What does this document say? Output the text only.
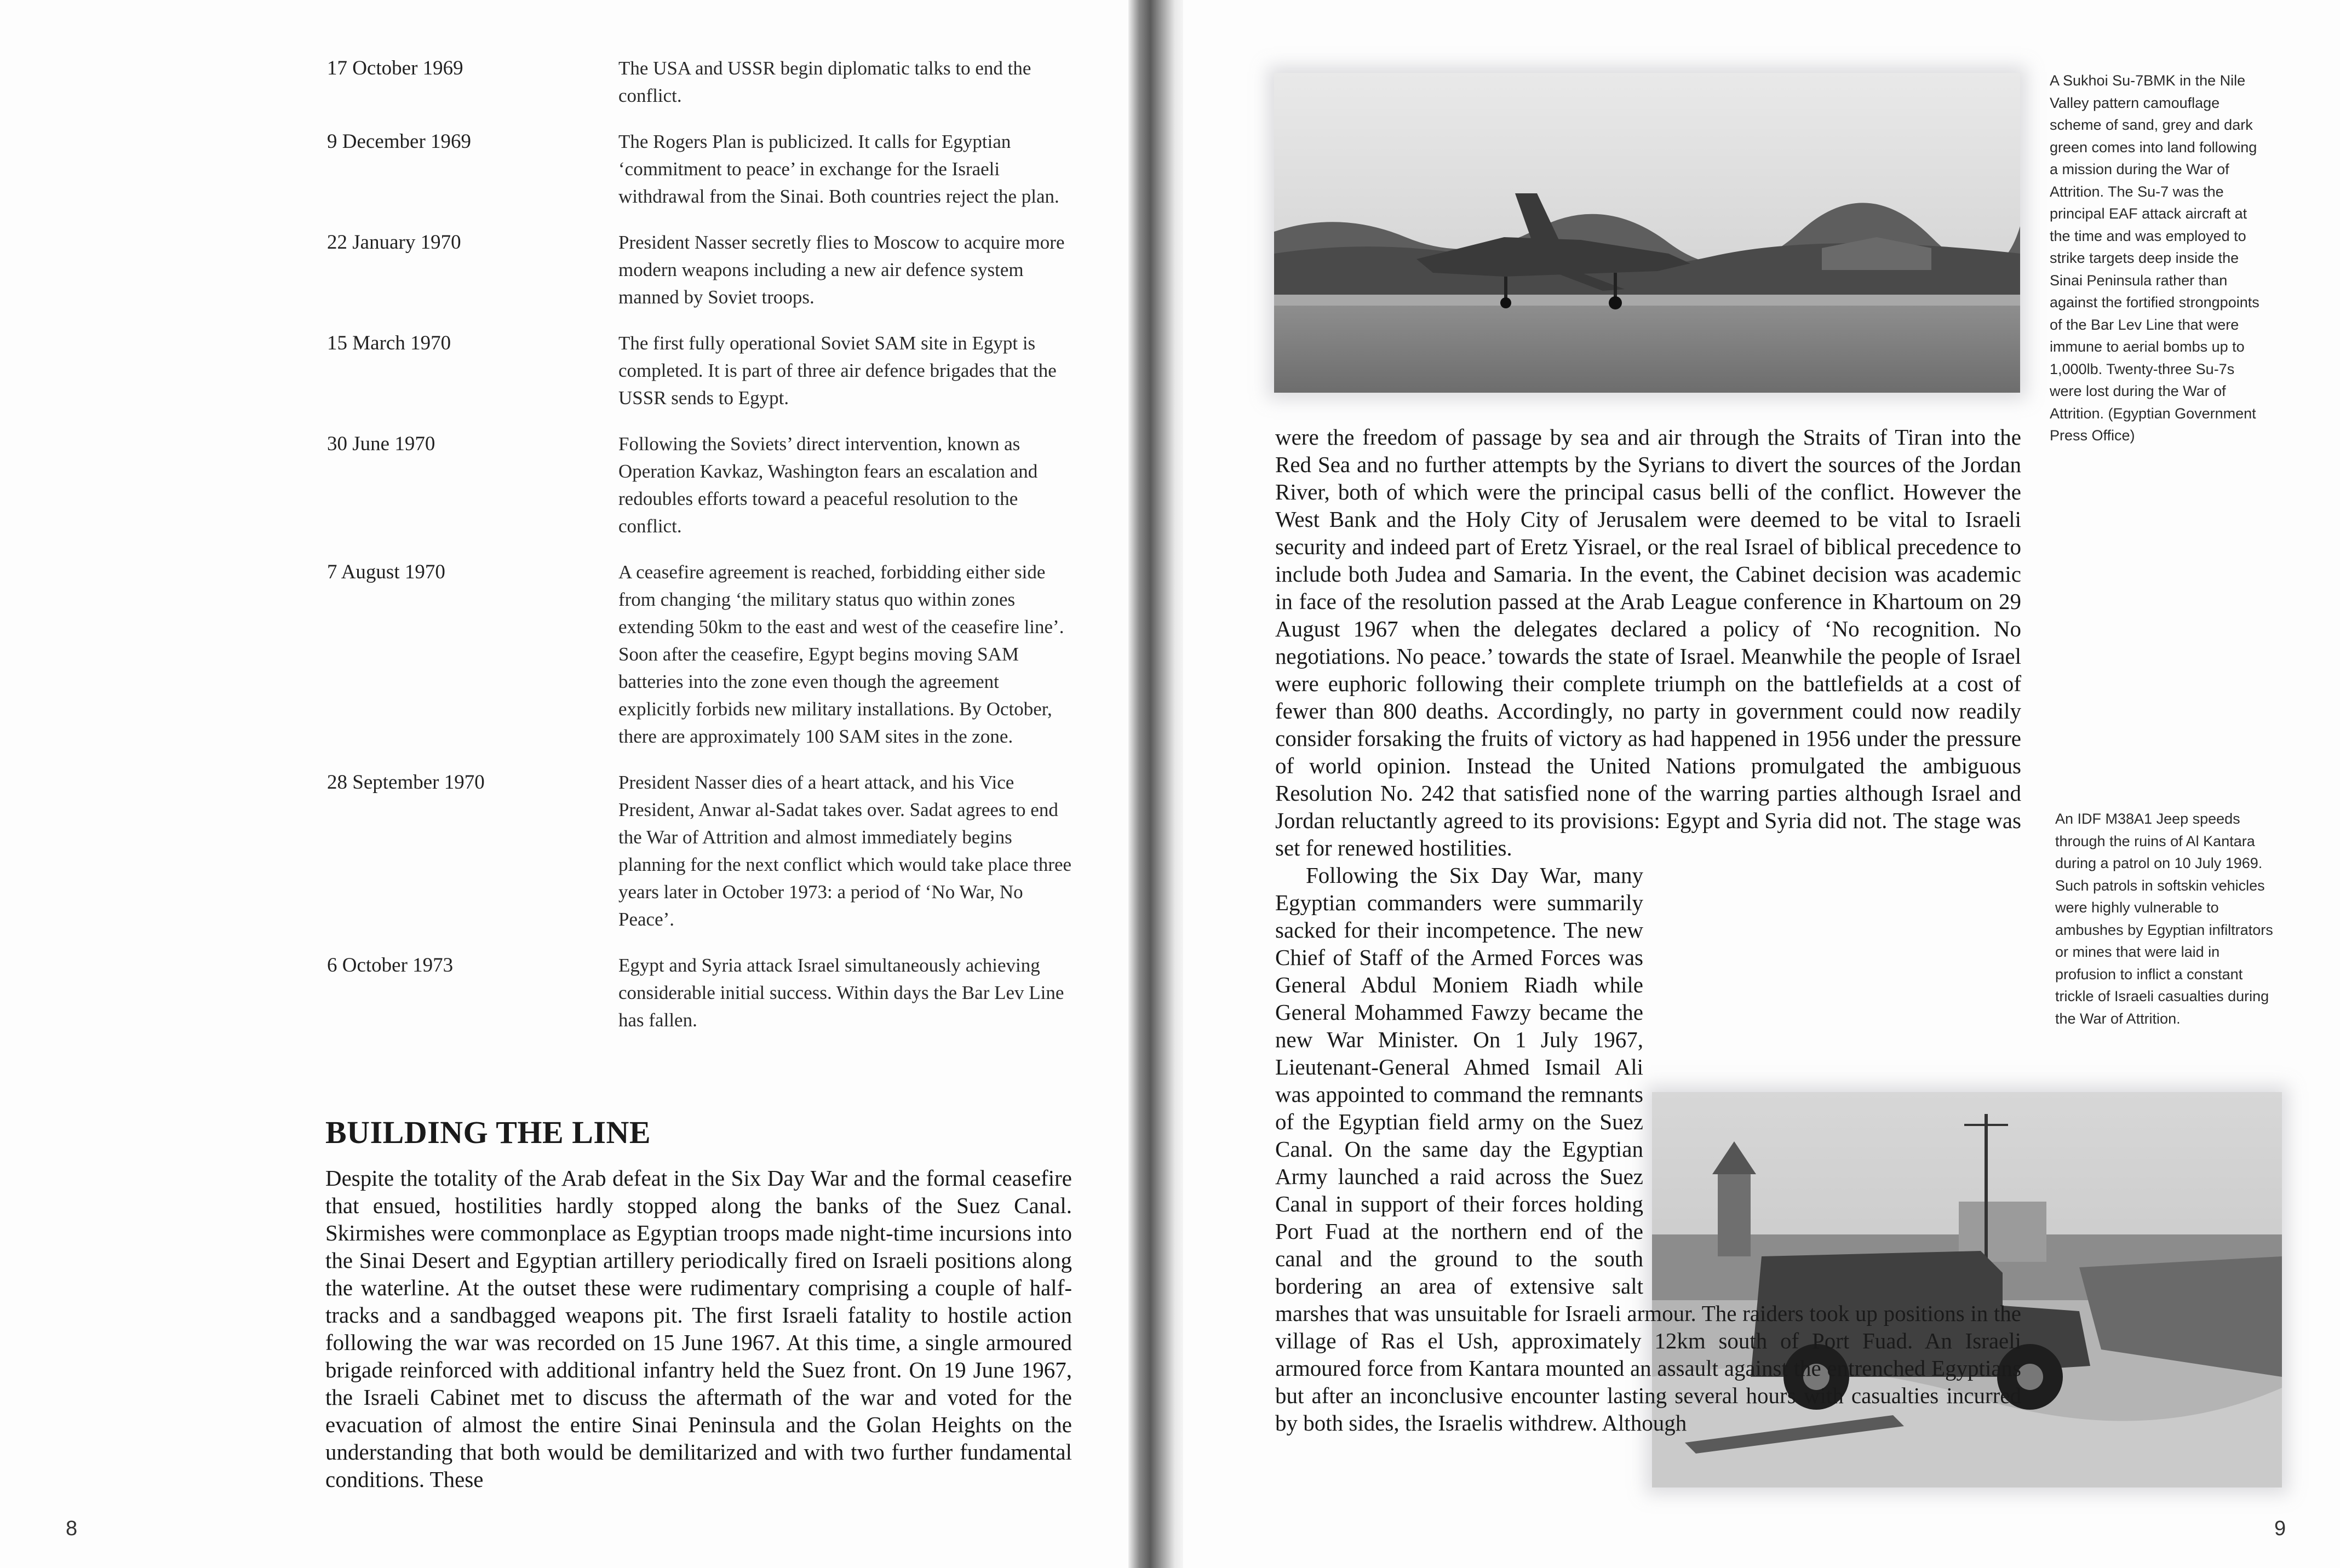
17 October 1969	The USA and USSR begin diplomatic talks to end the conflict.
9 December 1969	The Rogers Plan is publicized. It calls for Egyptian ‘commitment to peace’ in exchange for the Israeli withdrawal from the Sinai. Both countries reject the plan.
22 January 1970	President Nasser secretly flies to Moscow to acquire more modern weapons including a new air defence system manned by Soviet troops.
15 March 1970	The first fully operational Soviet SAM site in Egypt is completed. It is part of three air defence brigades that the USSR sends to Egypt.
30 June 1970	Following the Soviets’ direct intervention, known as Operation Kavkaz, Washington fears an escalation and redoubles efforts toward a peaceful resolution to the conflict.
7 August 1970	A ceasefire agreement is reached, forbidding either side from changing ‘the military status quo within zones extending 50km to the east and west of the ceasefire line’. Soon after the ceasefire, Egypt begins moving SAM batteries into the zone even though the agreement explicitly forbids new military installations. By October, there are approximately 100 SAM sites in the zone.
28 September 1970	President Nasser dies of a heart attack, and his Vice President, Anwar al-Sadat takes over. Sadat agrees to end the War of Attrition and almost immediately begins planning for the next conflict which would take place three years later in October 1973: a period of ‘No War, No Peace’.
6 October 1973	Egypt and Syria attack Israel simultaneously achieving considerable initial success. Within days the Bar Lev Line has fallen.
BUILDING THE LINE
Despite the totality of the Arab defeat in the Six Day War and the formal ceasefire that ensued, hostilities hardly stopped along the banks of the Suez Canal. Skirmishes were commonplace as Egyptian troops made night-time incursions into the Sinai Desert and Egyptian artillery periodically fired on Israeli positions along the waterline. At the outset these were rudimentary comprising a couple of half-tracks and a sandbagged weapons pit. The first Israeli fatality to hostile action following the war was recorded on 15 June 1967. At this time, a single armoured brigade reinforced with additional infantry held the Suez front. On 19 June 1967, the Israeli Cabinet met to discuss the aftermath of the war and voted for the evacuation of almost the entire Sinai Peninsula and the Golan Heights on the understanding that both would be demilitarized and with two further fundamental conditions. These
8	9
A Sukhoi Su-7BMK in the Nile Valley pattern camouflage scheme of sand, grey and dark green comes into land following a mission during the War of Attrition. The Su-7 was the principal EAF attack aircraft at the time and was employed to strike targets deep inside the Sinai Peninsula rather than against the fortified strongpoints of the Bar Lev Line that were immune to aerial bombs up to 1,000lb. Twenty-three Su-7s were lost during the War of Attrition. (Egyptian Government Press Office)
An IDF M38A1 Jeep speeds through the ruins of Al Kantara during a patrol on 10 July 1969. Such patrols in softskin vehicles were highly vulnerable to ambushes by Egyptian infiltrators or mines that were laid in profusion to inflict a constant trickle of Israeli casualties during the War of Attrition.

were the freedom of passage by sea and air through the Straits of Tiran into the Red Sea and no further attempts by the Syrians to divert the sources of the Jordan River, both of which were the principal casus belli of the conflict. However the West Bank and the Holy City of Jerusalem were deemed to be vital to Israeli security and indeed part of Eretz Yisrael, or the real Israel of biblical precedence to include both Judea and Samaria. In the event, the Cabinet decision was academic in face of the resolution passed at the Arab League conference in Khartoum on 29 August 1967 when the delegates declared a policy of ‘No recognition. No negotiations. No peace.’ towards the state of Israel. Meanwhile the people of Israel were euphoric following their complete triumph on the battlefields at a cost of fewer than 800 deaths. Accordingly, no party in government could now readily consider forsaking the fruits of victory as had happened in 1956 under the pressure of world opinion. Instead the United Nations promulgated the ambiguous Resolution No. 242 that satisfied none of the warring parties although Israel and Jordan reluctantly agreed to its provisions: Egypt and Syria did not. The stage was set for renewed hostilities.

Following the Six Day War, many Egyptian commanders were summarily sacked for their incompetence. The new Chief of Staff of the Armed Forces was General Abdul Moniem Riadh while General Mohammed Fawzy became the new War Minister. On 1 July 1967, Lieutenant-General Ahmed Ismail Ali was appointed to command the remnants of the Egyptian field army on the Suez Canal. On the same day the Egyptian Army launched a raid across the Suez Canal in support of their forces holding Port Fuad at the northern end of the canal and the ground to the south bordering an area of extensive salt marshes that was unsuitable for Israeli armour. The raiders took up positions in the village of Ras el Ush, approximately 12km south of Port Fuad. An Israeli armoured force from Kantara mounted an assault against the entrenched Egyptians but after an inconclusive encounter lasting several hours with casualties incurred by both sides, the Israelis withdrew. Although
